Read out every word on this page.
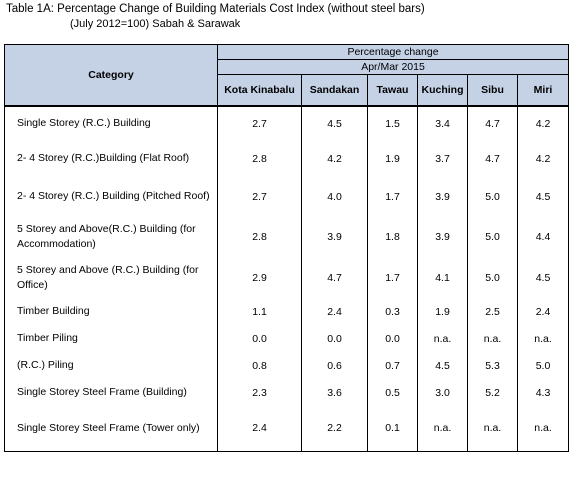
Table 1A: Percentage Change of Building Materials Cost Index (without steel bars)
(July 2012=100) Sabah & Sarawak
Category	Percentage change					
	Apr/Mar 2015					
	Kota Kinabalu	Sandakan	Tawau	Kuching	Sibu	Miri
Single Storey (R.C.) Building	2.7	4.5	1.5	3.4	4.7	4.2
2- 4 Storey (R.C.)Building (Flat Roof)	2.8	4.2	1.9	3.7	4.7	4.2
2- 4 Storey (R.C.) Building (Pitched Roof)	2.7	4.0	1.7	3.9	5.0	4.5
5 Storey and Above(R.C.) Building (for Accommodation)	2.8	3.9	1.8	3.9	5.0	4.4
5 Storey and Above (R.C.) Building (for Office)	2.9	4.7	1.7	4.1	5.0	4.5
Timber Building	1.1	2.4	0.3	1.9	2.5	2.4
Timber Piling	0.0	0.0	0.0	n.a.	n.a.	n.a.
(R.C.) Piling	0.8	0.6	0.7	4.5	5.3	5.0
Single Storey Steel Frame (Building)	2.3	3.6	0.5	3.0	5.2	4.3
Single Storey Steel Frame (Tower only)	2.4	2.2	0.1	n.a.	n.a.	n.a.
